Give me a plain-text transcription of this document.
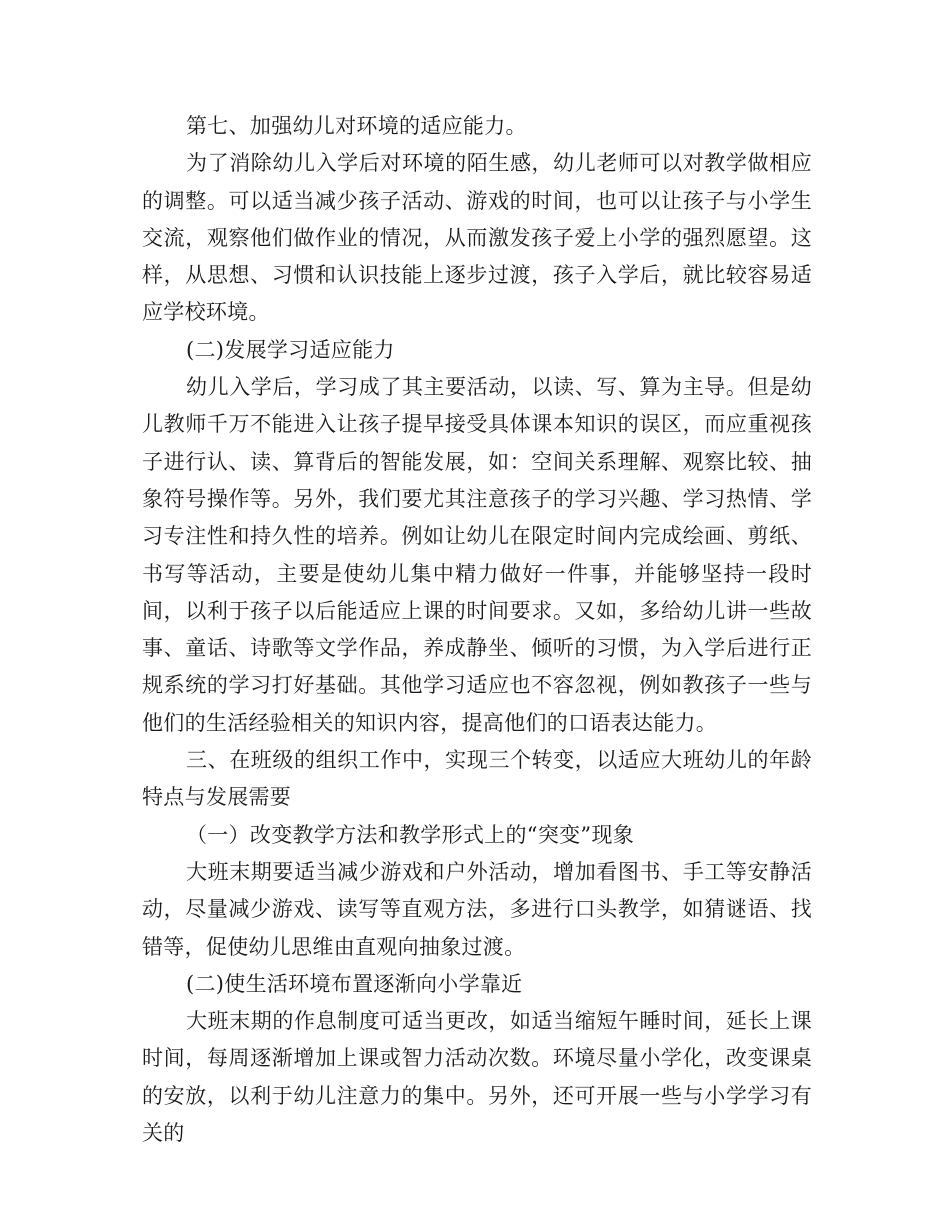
第七、加强幼儿对环境的适应能力。

为了消除幼儿入学后对环境的陌生感，幼儿老师可以对教学做相应的调整。可以适当减少孩子活动、游戏的时间，也可以让孩子与小学生交流，观察他们做作业的情况，从而激发孩子爱上小学的强烈愿望。这样，从思想、习惯和认识技能上逐步过渡，孩子入学后，就比较容易适应学校环境。

(二)发展学习适应能力

幼儿入学后，学习成了其主要活动，以读、写、算为主导。但是幼儿教师千万不能进入让孩子提早接受具体课本知识的误区，而应重视孩子进行认、读、算背后的智能发展，如：空间关系理解、观察比较、抽象符号操作等。另外，我们要尤其注意孩子的学习兴趣、学习热情、学习专注性和持久性的培养。例如让幼儿在限定时间内完成绘画、剪纸、书写等活动，主要是使幼儿集中精力做好一件事，并能够坚持一段时间，以利于孩子以后能适应上课的时间要求。又如，多给幼儿讲一些故事、童话、诗歌等文学作品，养成静坐、倾听的习惯，为入学后进行正规系统的学习打好基础。其他学习适应也不容忽视，例如教孩子一些与他们的生活经验相关的知识内容，提高他们的口语表达能力。

三、在班级的组织工作中，实现三个转变，以适应大班幼儿的年龄特点与发展需要

（一）改变教学方法和教学形式上的“突变”现象

大班末期要适当减少游戏和户外活动，增加看图书、手工等安静活动，尽量减少游戏、读写等直观方法，多进行口头教学，如猜谜语、找错等，促使幼儿思维由直观向抽象过渡。

(二)使生活环境布置逐渐向小学靠近

大班末期的作息制度可适当更改，如适当缩短午睡时间，延长上课时间，每周逐渐增加上课或智力活动次数。环境尽量小学化，改变课桌的安放，以利于幼儿注意力的集中。另外，还可开展一些与小学学习有关的
